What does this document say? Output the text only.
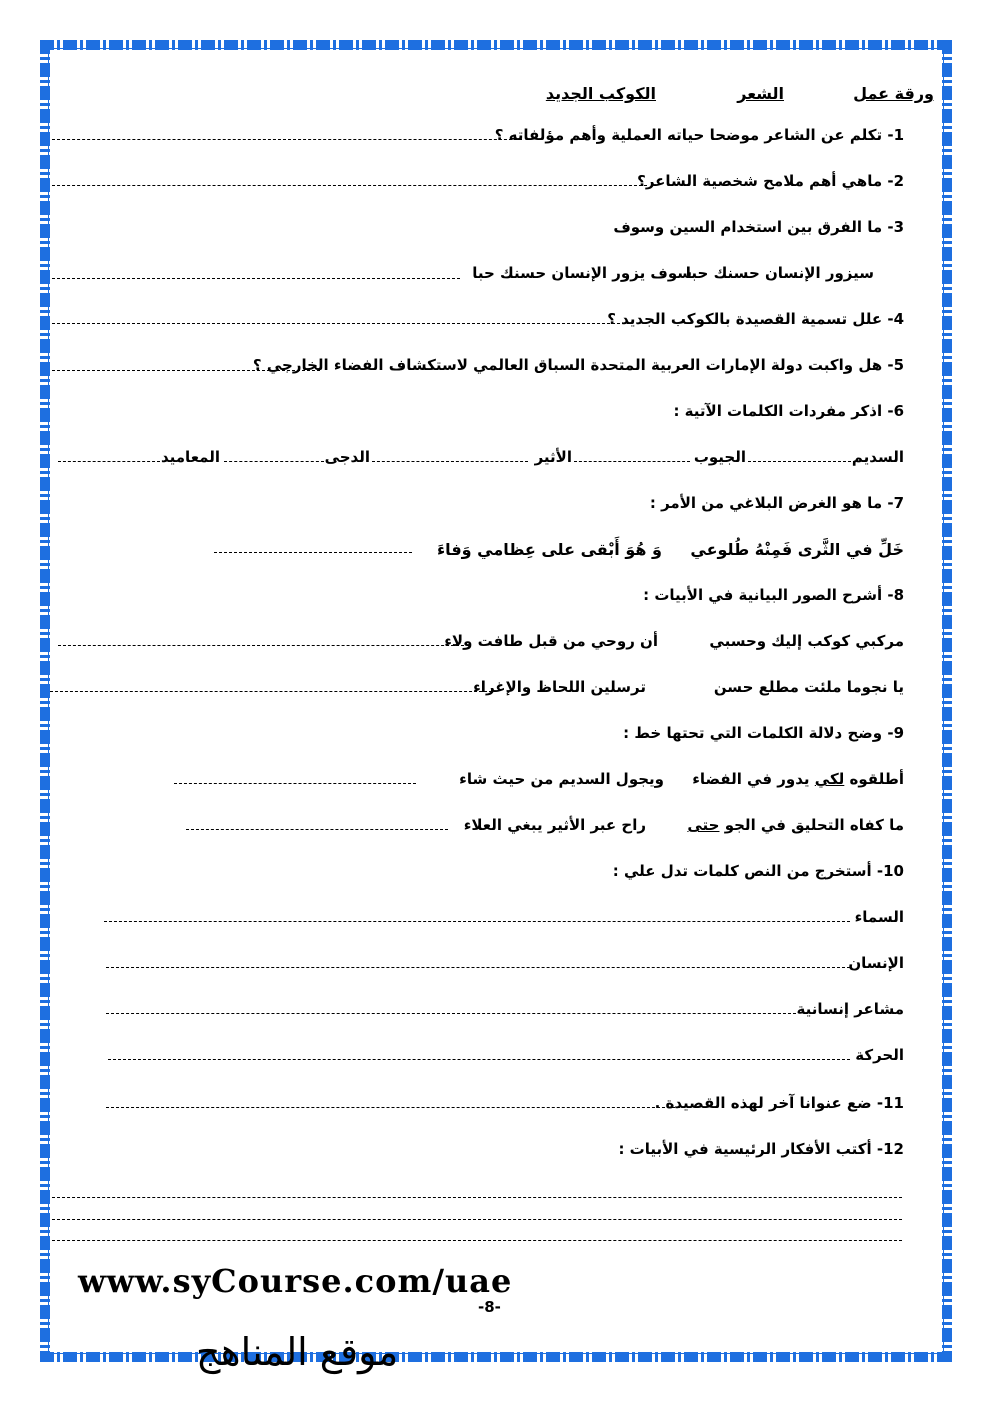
ورقة عمل
الشعر
الكوكب الجديد
1- تكلم عن الشاعر موضحا حياته العملية وأهم مؤلفاته ؟
2- ماهي أهم ملامح شخصية الشاعر؟
3- ما الفرق بين استخدام السين وسوف
سيزور الإنسان حسنك حبا
سوف يزور الإنسان حسنك حبا
4- علل تسمية القصيدة بالكوكب الجديد ؟
5- هل واكبت دولة الإمارات العربية المتحدة السباق العالمي لاستكشاف الفضاء الخارجي ؟
6- اذكر مفردات الكلمات الآتية :
السديم
الجيوب
الأثير
الدجى
المعاميد
7- ما هو الغرض البلاغي من الأمر :
خَلِّ في الثَّرى فَمِنْهُ طُلوعي
وَ هُوَ أَبْقى على عِظامي وَفاءَ
8- أشرح الصور البيانية في الأبيات :
مركبي كوكب إليك وحسبي
أن روحي من قبل طافت ولاء
يا نجوما ملئت مطلع حسن
ترسلين اللحاظ والإغراء
9- وضح دلالة الكلمات التي تحتها خط :
أطلقوه لكي يدور في الفضاء
ويجول السديم من حيث شاء
ما كفاه التحليق في الجو حتى
راح عبر الأثير يبغي العلاء
10- أستخرج من النص كلمات تدل علي :
السماء
الإنسان
مشاعر إنسانية
الحركة
11- ضع عنوانا آخر لهذه القصيدة .
12- أكتب الأفكار الرئيسية في الأبيات :
www.syCourse.com/uae
-8-
موقع المناهج
